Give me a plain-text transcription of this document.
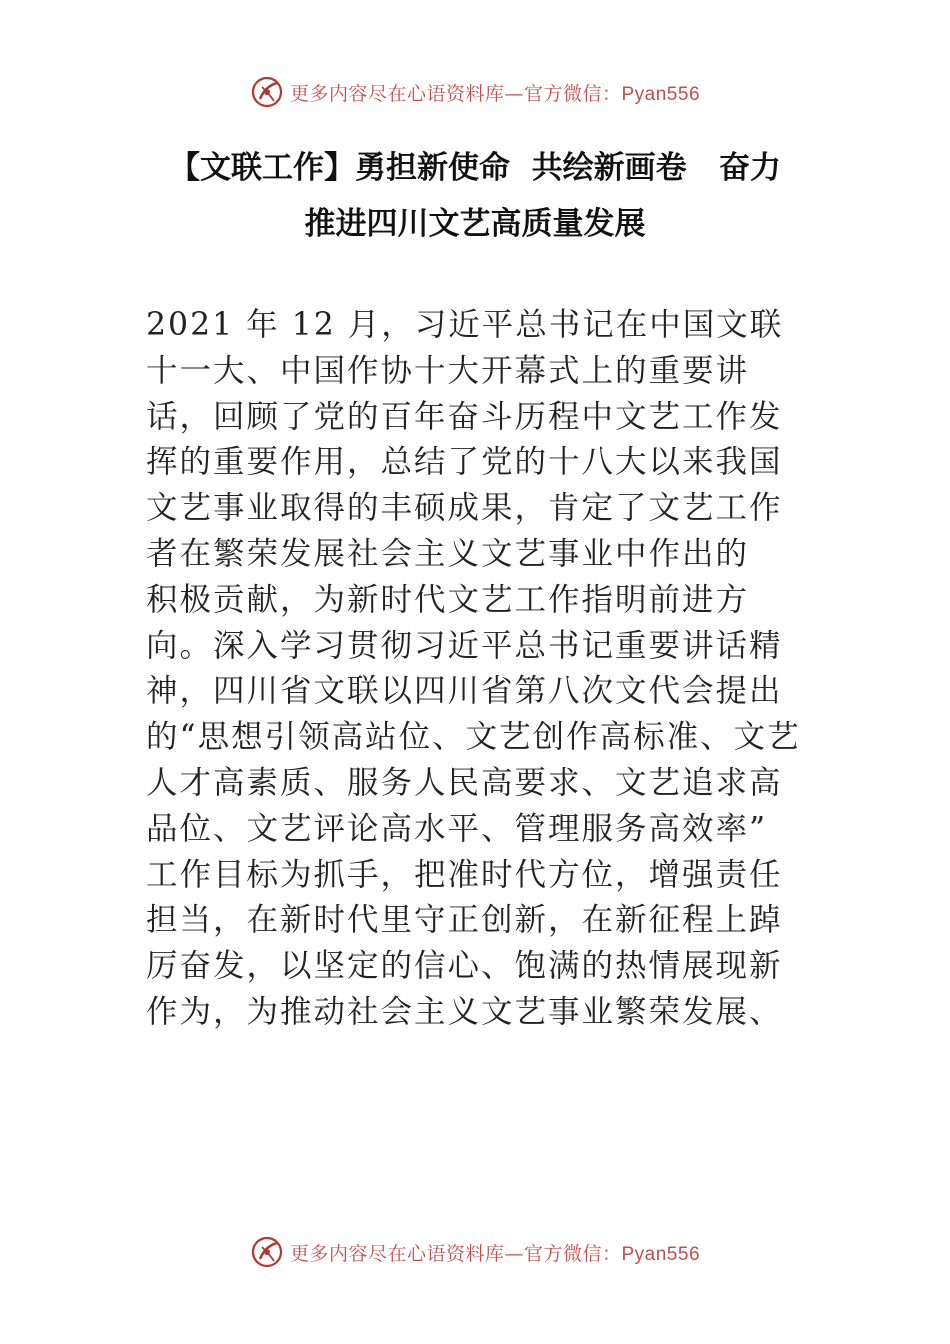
更多内容尽在心语资料库—官方微信：Pyan556
【文联工作】勇担新使命  共绘新画卷   奋力
推进四川文艺高质量发展
2021 年 12 月，习近平总书记在中国文联
十一大、中国作协十大开幕式上的重要讲
话，回顾了党的百年奋斗历程中文艺工作发
挥的重要作用，总结了党的十八大以来我国
文艺事业取得的丰硕成果，肯定了文艺工作
者在繁荣发展社会主义文艺事业中作出的
积极贡献，为新时代文艺工作指明前进方
向。深入学习贯彻习近平总书记重要讲话精
神，四川省文联以四川省第八次文代会提出
的“思想引领高站位、文艺创作高标准、文艺
人才高素质、服务人民高要求、文艺追求高
品位、文艺评论高水平、管理服务高效率”
工作目标为抓手，把准时代方位，增强责任
担当，在新时代里守正创新，在新征程上踔
厉奋发，以坚定的信心、饱满的热情展现新
作为，为推动社会主义文艺事业繁荣发展、
更多内容尽在心语资料库—官方微信：Pyan556
